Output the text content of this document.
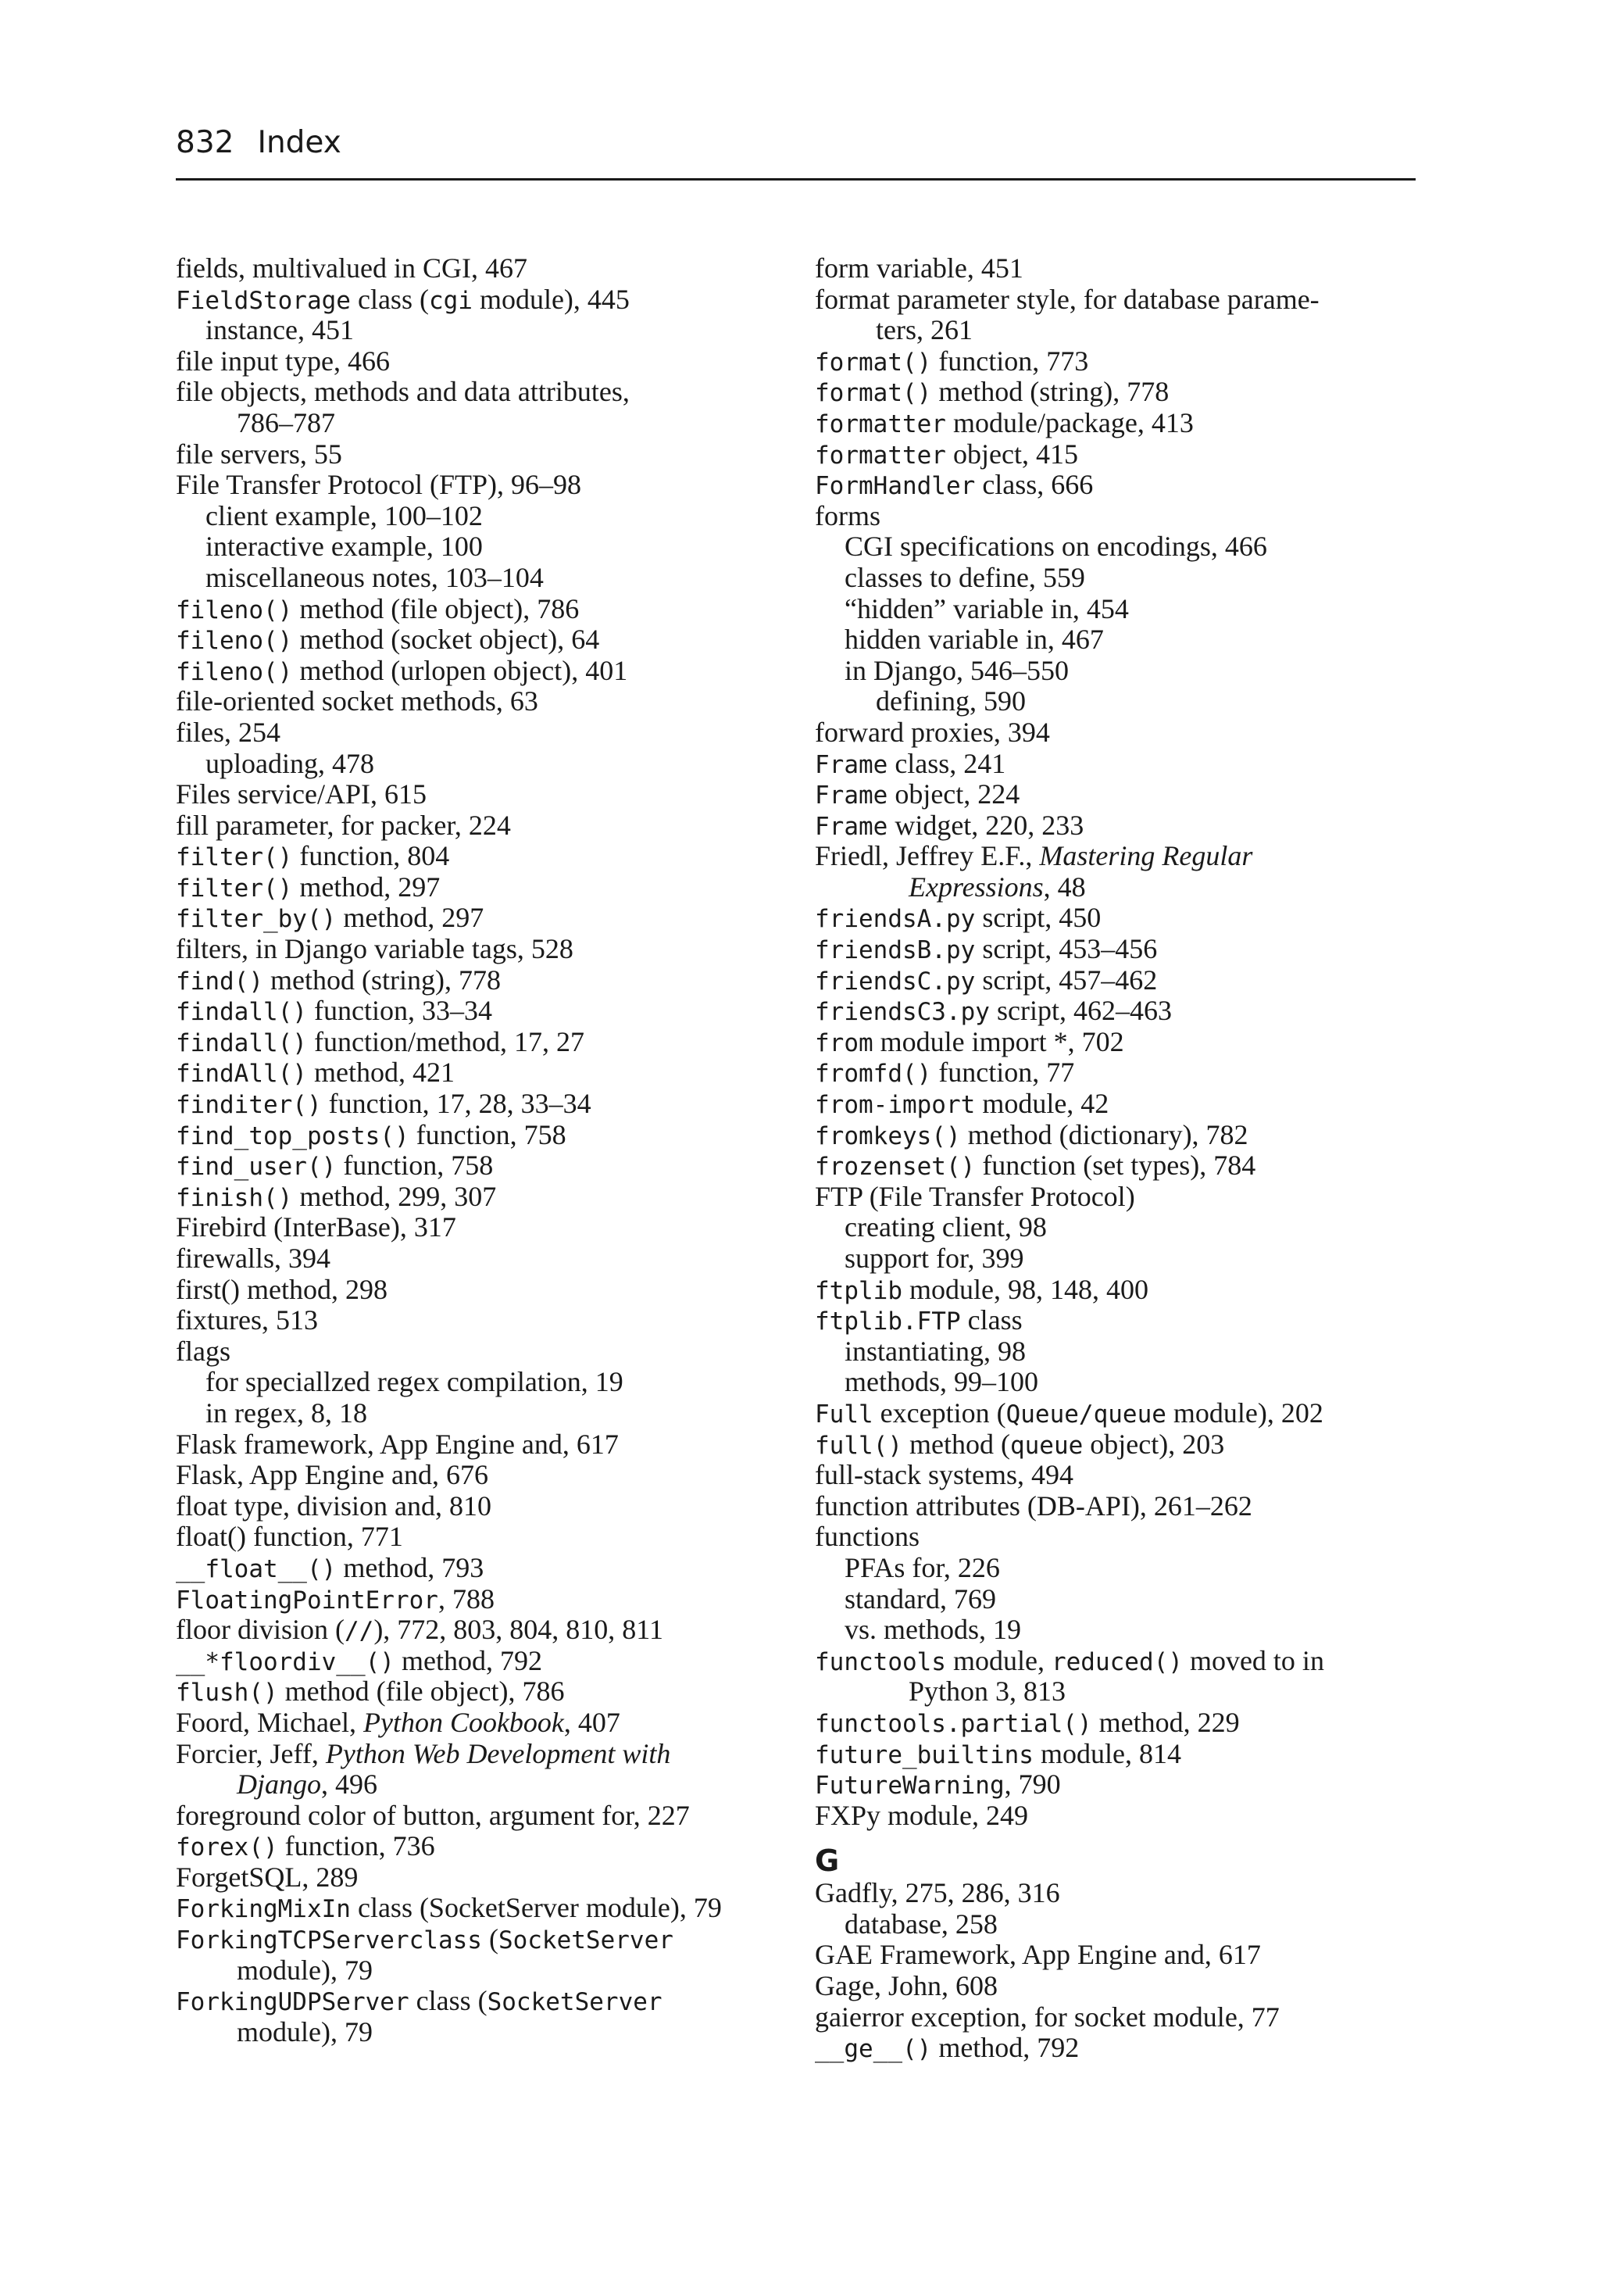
832 Index
fields, multivalued in CGI, 467
FieldStorage class (cgi module), 445
instance, 451
file input type, 466
file objects, methods and data attributes,
786–787
file servers, 55
File Transfer Protocol (FTP), 96–98
client example, 100–102
interactive example, 100
miscellaneous notes, 103–104
fileno() method (file object), 786
fileno() method (socket object), 64
fileno() method (urlopen object), 401
file-oriented socket methods, 63
files, 254
uploading, 478
Files service/API, 615
fill parameter, for packer, 224
filter() function, 804
filter() method, 297
filter_by() method, 297
filters, in Django variable tags, 528
find() method (string), 778
findall() function, 33–34
findall() function/method, 17, 27
findAll() method, 421
finditer() function, 17, 28, 33–34
find_top_posts() function, 758
find_user() function, 758
finish() method, 299, 307
Firebird (InterBase), 317
firewalls, 394
first() method, 298
fixtures, 513
flags
for speciallzed regex compilation, 19
in regex, 8, 18
Flask framework, App Engine and, 617
Flask, App Engine and, 676
float type, division and, 810
float() function, 771
__float__() method, 793
FloatingPointError, 788
floor division (//), 772, 803, 804, 810, 811
__*floordiv__() method, 792
flush() method (file object), 786
Foord, Michael, Python Cookbook, 407
Forcier, Jeff, Python Web Development with
Django, 496
foreground color of button, argument for, 227
forex() function, 736
ForgetSQL, 289
ForkingMixIn class (SocketServer module), 79
ForkingTCPServerclass (SocketServer
module), 79
ForkingUDPServer class (SocketServer
module), 79
form variable, 451
format parameter style, for database parame-
ters, 261
format() function, 773
format() method (string), 778
formatter module/package, 413
formatter object, 415
FormHandler class, 666
forms
CGI specifications on encodings, 466
classes to define, 559
“hidden” variable in, 454
hidden variable in, 467
in Django, 546–550
defining, 590
forward proxies, 394
Frame class, 241
Frame object, 224
Frame widget, 220, 233
Friedl, Jeffrey E.F., Mastering Regular
Expressions, 48
friendsA.py script, 450
friendsB.py script, 453–456
friendsC.py script, 457–462
friendsC3.py script, 462–463
from module import *, 702
fromfd() function, 77
from-import module, 42
fromkeys() method (dictionary), 782
frozenset() function (set types), 784
FTP (File Transfer Protocol)
creating client, 98
support for, 399
ftplib module, 98, 148, 400
ftplib.FTP class
instantiating, 98
methods, 99–100
Full exception (Queue/queue module), 202
full() method (queue object), 203
full-stack systems, 494
function attributes (DB-API), 261–262
functions
PFAs for, 226
standard, 769
vs. methods, 19
functools module, reduced() moved to in
Python 3, 813
functools.partial() method, 229
future_builtins module, 814
FutureWarning, 790
FXPy module, 249
G
Gadfly, 275, 286, 316
database, 258
GAE Framework, App Engine and, 617
Gage, John, 608
gaierror exception, for socket module, 77
__ge__() method, 792
